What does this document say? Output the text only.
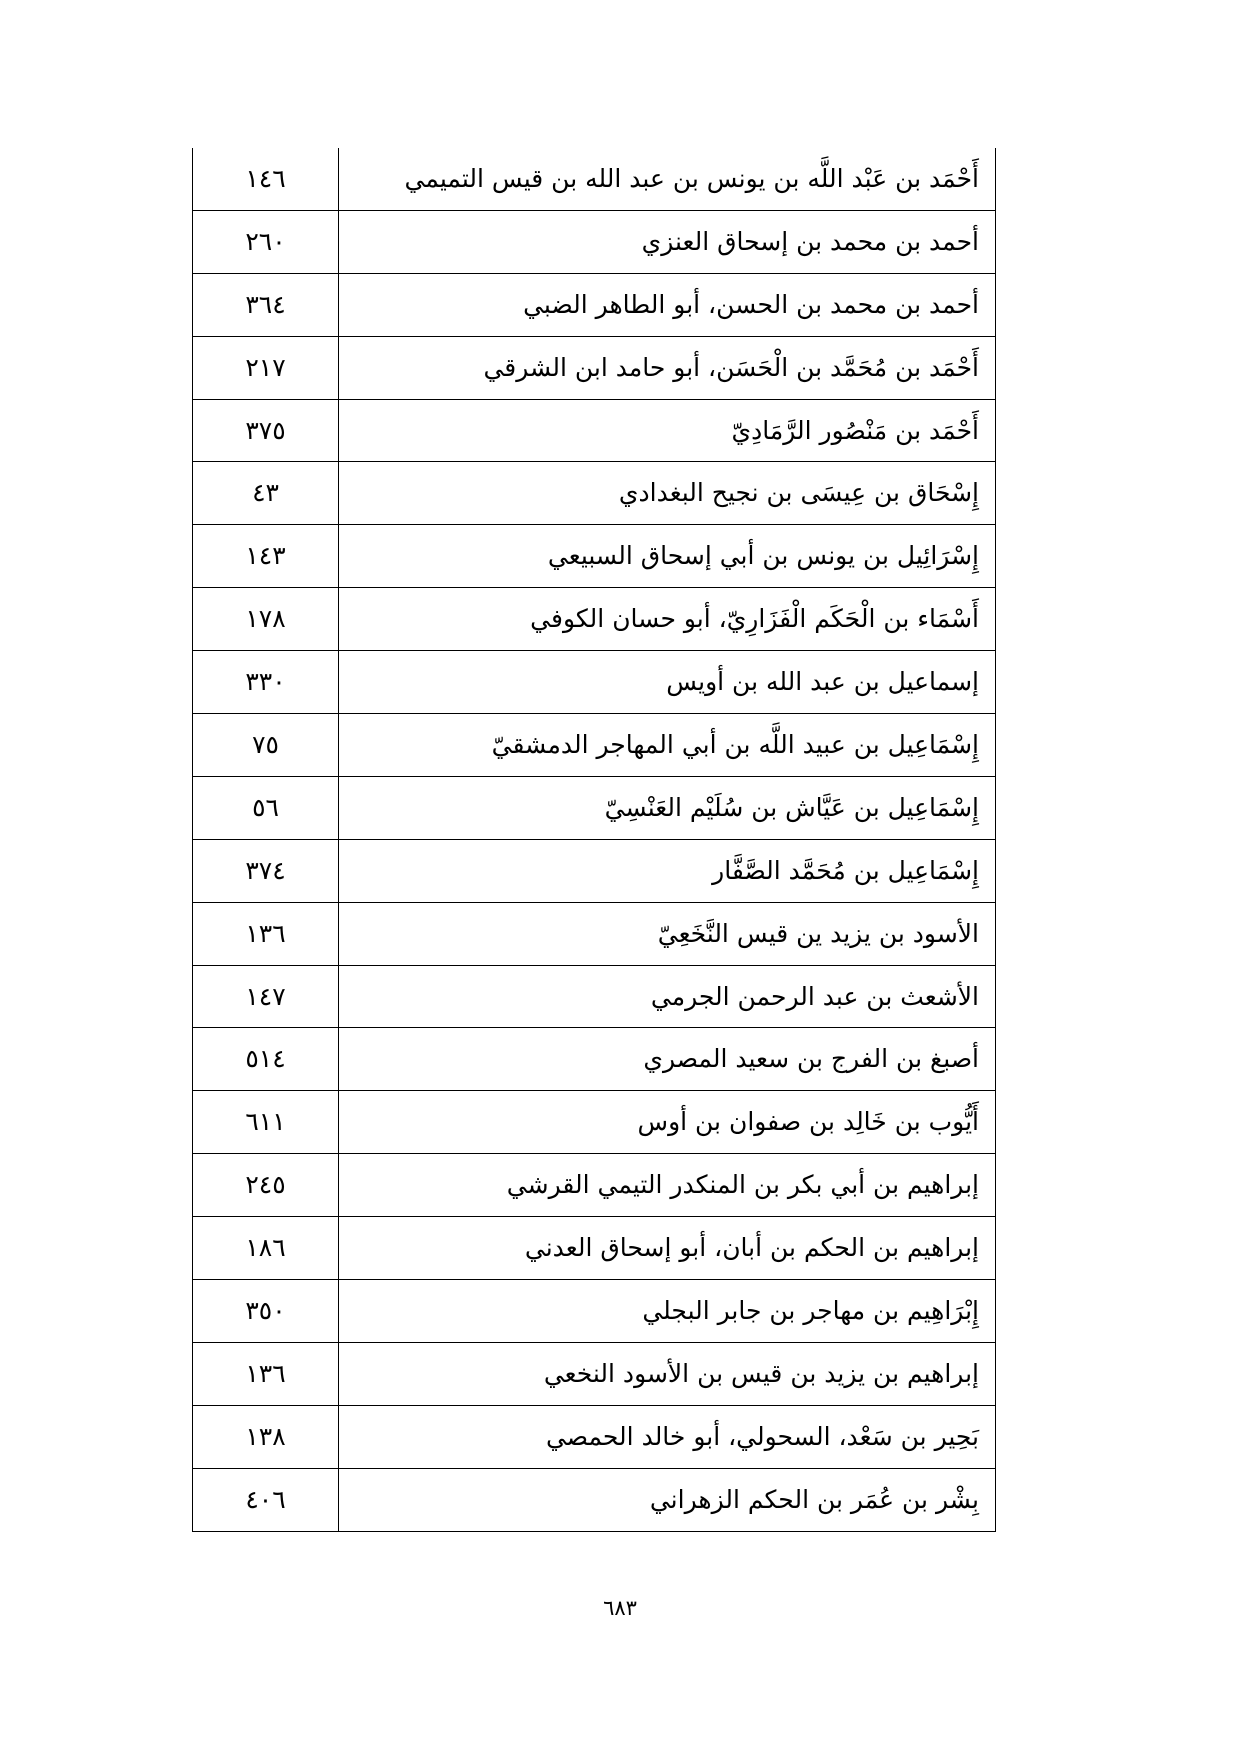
أَحْمَد بن عَبْد اللَّه بن يونس بن عبد الله بن قيس التميمي	١٤٦
أحمد بن محمد بن إسحاق العنزي	٢٦٠
أحمد بن محمد بن الحسن، أبو الطاهر الضبي	٣٦٤
أَحْمَد بن مُحَمَّد بن الْحَسَن، أبو حامد ابن الشرقي	٢١٧
أَحْمَد بن مَنْصُور الرَّمَادِيّ	٣٧٥
إِسْحَاق بن عِيسَى بن نجيح البغدادي	٤٣
إِسْرَائِيل بن يونس بن أبي إسحاق السبيعي	١٤٣
أَسْمَاء بن الْحَكَم الْفَزَارِيّ، أبو حسان الكوفي	١٧٨
إسماعيل بن عبد الله بن أويس	٣٣٠
إِسْمَاعِيل بن عبيد اللَّه بن أبي المهاجر الدمشقيّ	٧٥
إِسْمَاعِيل بن عَيَّاش بن سُلَيْم العَنْسِيّ	٥٦
إِسْمَاعِيل بن مُحَمَّد الصَّفَّار	٣٧٤
الأسود بن يزيد ين قيس النَّخَعِيّ	١٣٦
الأشعث بن عبد الرحمن الجرمي	١٤٧
أصبغ بن الفرج بن سعيد المصري	٥١٤
أَيُّوب بن خَالِد بن صفوان بن أوس	٦١١
إبراهيم بن أبي بكر بن المنكدر التيمي القرشي	٢٤٥
إبراهيم بن الحكم بن أبان، أبو إسحاق العدني	١٨٦
إِبْرَاهِيم بن مهاجر بن جابر البجلي	٣٥٠
إبراهيم بن يزيد بن قيس بن الأسود النخعي	١٣٦
بَحِير بن سَعْد، السحولي، أبو خالد الحمصي	١٣٨
بِشْر بن عُمَر بن الحكم الزهراني	٤٠٦
٦٨٣
